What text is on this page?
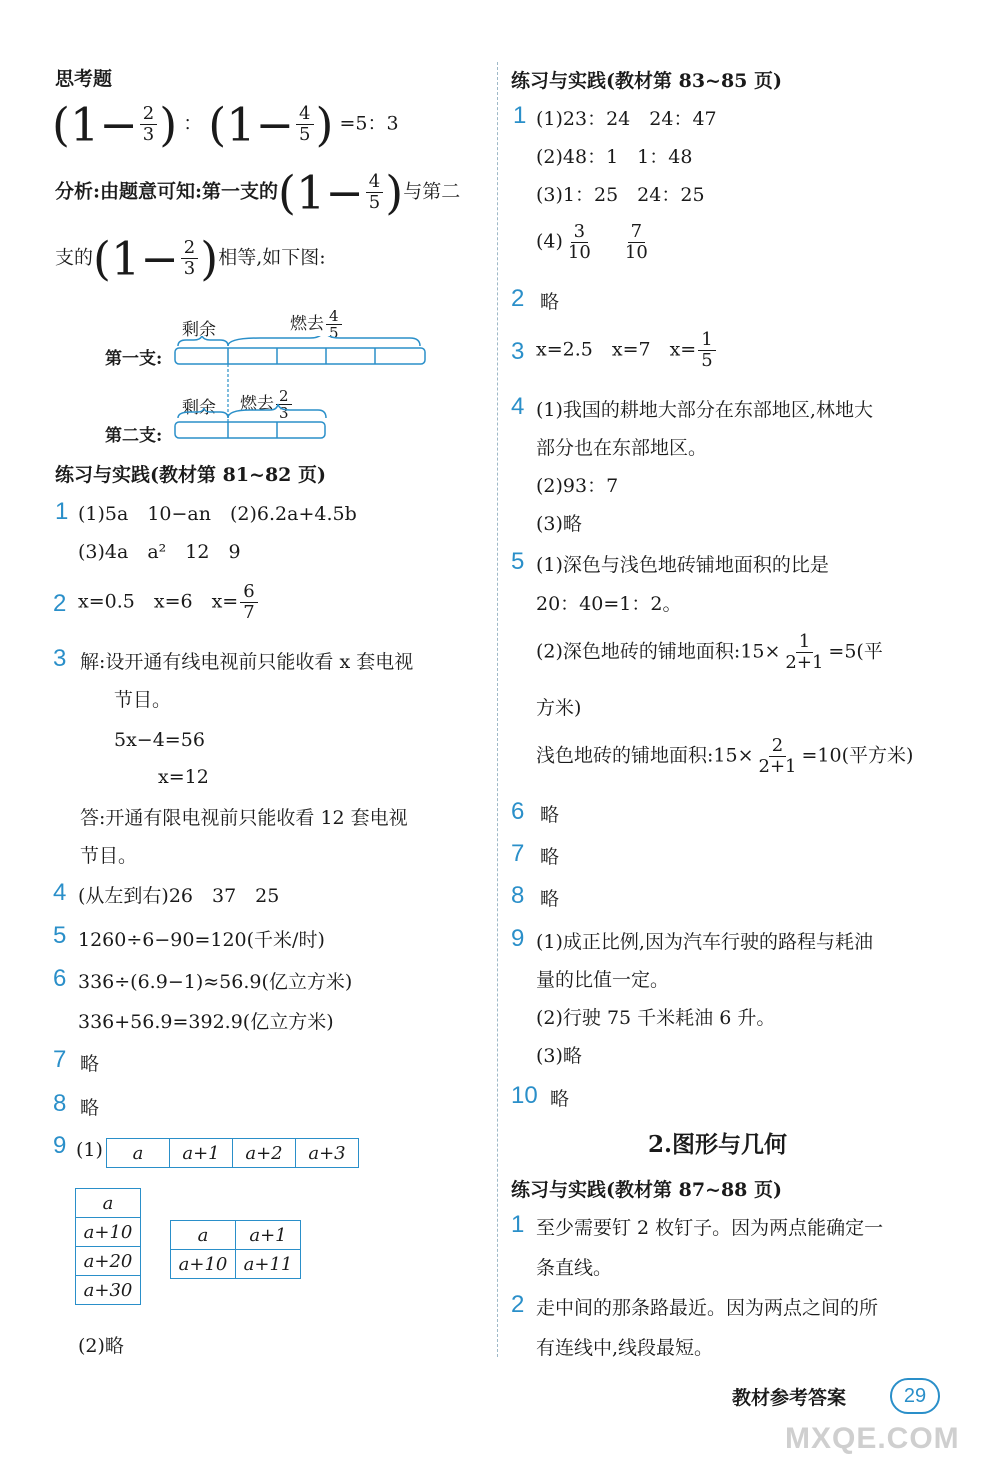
思考题
($1- \frac{2}{3}$ ) ： ($1- \frac{4}{5}$ ) =5：3
分析:由题意可知:第一支的($1- \frac{4}{5}$ )与第二
支的($1- \frac{2}{3}$ )相等,如下图:
剩余	燃去 $\frac{4}{5}$
第一支:
剩余 燃去 $\frac{2}{3}$
第二支:
练习与实践(教材第 81~82 页)
1 (1)5a　10−an　(2)6.2a+4.5b
(3)4a　a²　12　9
2 x=0.5　x=6　$x= \frac{6}{7}$
3 解:设开通有线电视前只能收看 x 套电视
节目。
5x−4=56
x=12
答:开通有限电视前只能收看 12 套电视
节目。
4 (从左到右)26　37　25
5 1260÷6−90=120(千米/时)
6 336÷(6.9−1)≈56.9(亿立方米)
336+56.9=392.9(亿立方米)
7 略
8 略
9 (1) a	a+1	a+2	a+3
a
a+10
a+20
a+30
a	a+1
a+10	a+11
(2)略
练习与实践(教材第 83~85 页)
1 (1)23：24　24：47
(2)48：1　1：48
(3)1：25　24：25
$(4) \frac{3}{10}$
$\frac{7}{10}$
2 略
3 x=2.5　x=7　$x= \frac{1}{5}$
4 (1)我国的耕地大部分在东部地区,林地大
部分也在东部地区。
(2)93：7
(3)略
5 (1)深色与浅色地砖铺地面积的比是
20：40=1：2。
(2)深色地砖的铺地面积:15× $\frac{1}{2+1} =5$(平
方米)
浅色地砖的铺地面积:15× $\frac{2}{2+1} =10$(平方米)
6 略
7 略
8 略
9 (1)成正比例,因为汽车行驶的路程与耗油
量的比值一定。
(2)行驶 75 千米耗油 6 升。
(3)略
10 略
2.图形与几何
练习与实践(教材第 87~88 页)
1 至少需要钉 2 枚钉子。因为两点能确定一
条直线。
2 走中间的那条路最近。因为两点之间的所
有连线中,线段最短。
教材参考答案	29
MXQE.COM
